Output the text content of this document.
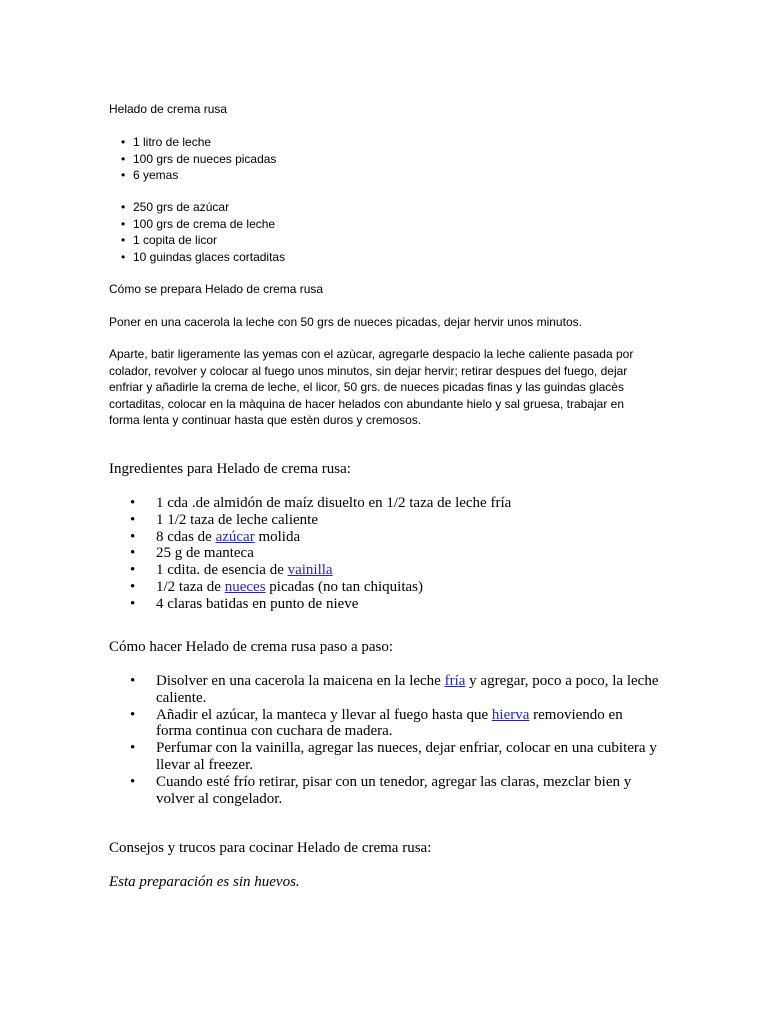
Helado de crema rusa

• 1 litro de leche
• 100 grs de nueces picadas
• 6 yemas
• 250 grs de azúcar
• 100 grs de crema de leche
• 1 copita de licor
• 10 guindas glaces cortaditas

Cómo se prepara Helado de crema rusa

Poner en una cacerola la leche con 50 grs de nueces picadas, dejar hervir unos minutos.

Aparte, batir ligeramente las yemas con el azùcar, agregarle despacio la leche caliente pasada por colador, revolver y colocar al fuego unos minutos, sin dejar hervir; retirar despues del fuego, dejar enfriar y añadirle la crema de leche, el licor, 50 grs. de nueces picadas finas y las guindas glacès cortaditas, colocar en la màquina de hacer helados con abundante hielo y sal gruesa, trabajar en forma lenta y continuar hasta que estèn duros y cremosos.

Ingredientes para Helado de crema rusa:

• 1 cda .de almidón de maíz disuelto en 1/2 taza de leche fría
• 1 1/2 taza de leche caliente
• 8 cdas de azúcar molida
• 25 g de manteca
• 1 cdita. de esencia de vainilla
• 1/2 taza de nueces picadas (no tan chiquitas)
• 4 claras batidas en punto de nieve

Cómo hacer Helado de crema rusa paso a paso:

• Disolver en una cacerola la maicena en la leche fría y agregar, poco a poco, la leche caliente.
• Añadir el azúcar, la manteca y llevar al fuego hasta que hierva removiendo en forma continua con cuchara de madera.
• Perfumar con la vainilla, agregar las nueces, dejar enfriar, colocar en una cubitera y llevar al freezer.
• Cuando esté frío retirar, pisar con un tenedor, agregar las claras, mezclar bien y volver al congelador.

Consejos y trucos para cocinar Helado de crema rusa:

Esta preparación es sin huevos.
